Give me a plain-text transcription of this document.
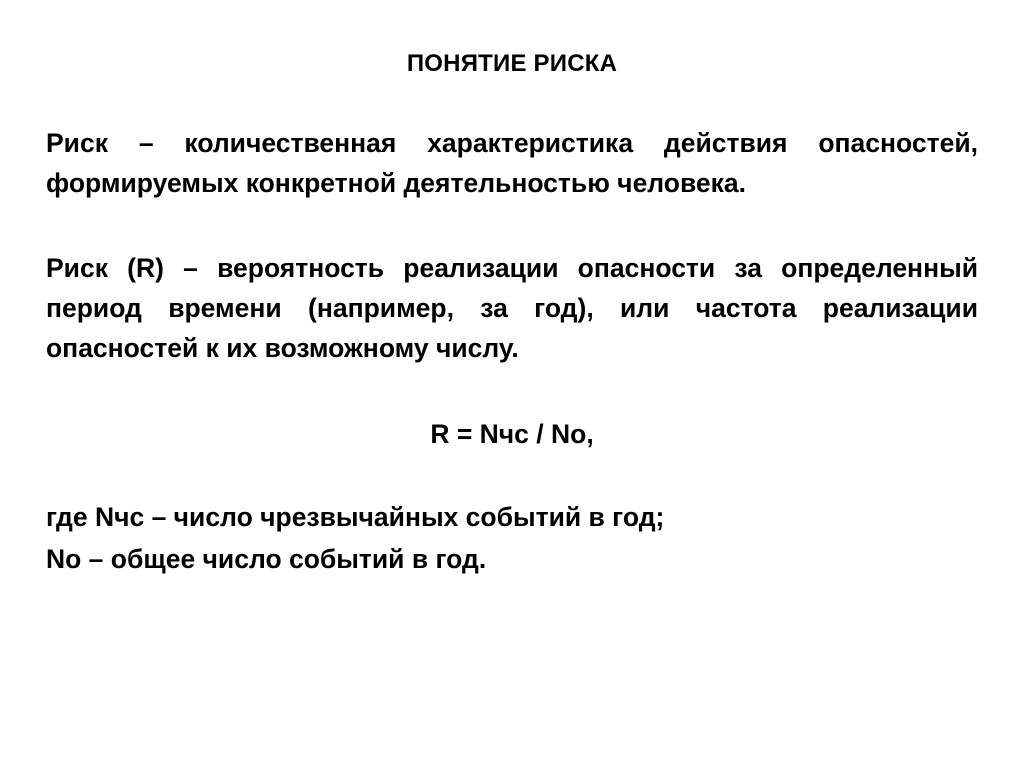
ПОНЯТИЕ РИСКА

Риск – количественная характеристика действия опасностей, формируемых конкретной деятельностью человека.

Риск (R) – вероятность реализации опасности за определенный период времени (например, за год), или частота реализации опасностей к их возможному числу.

R = Nчс / Nо,
где Nчс – число чрезвычайных событий в год;
Nо – общее число событий в год.
